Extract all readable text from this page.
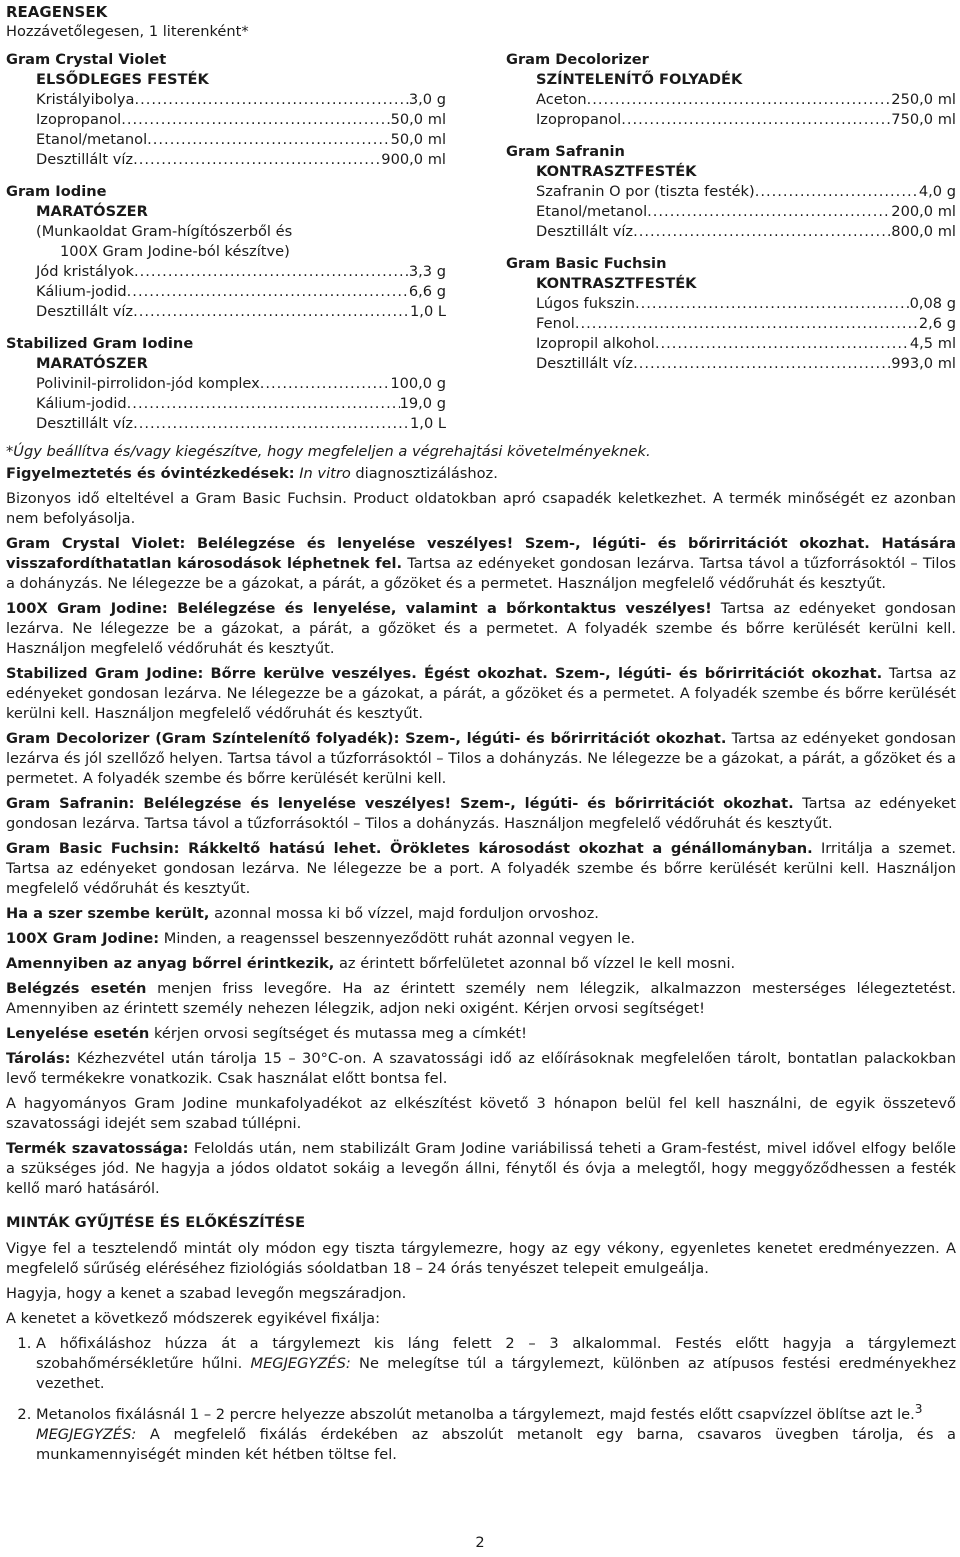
REAGENSEK
Hozzávetőlegesen, 1 literenként*
Gram Crystal Violet
ELSŐDLEGES FESTÉK
Kristályibolya .....	3,0 g
Izopropanol .....	50,0 ml
Etanol/metanol .....	50,0 ml
Desztillált víz .....	900,0 ml
Gram Iodine
MARATÓSZER
(Munkaoldat Gram-hígítószerből és
100X Gram Jodine-ból készítve)
Jód kristályok .....	3,3 g
Kálium-jodid .....	6,6 g
Desztillált víz .....	1,0 L
Stabilized Gram Iodine
MARATÓSZER
Polivinil-pirrolidon-jód komplex .....	100,0 g
Kálium-jodid .....	19,0 g
Desztillált víz .....	1,0 L
Gram Decolorizer
SZÍNTELENÍTŐ FOLYADÉK
Aceton .....	250,0 ml
Izopropanol .....	750,0 ml
Gram Safranin
KONTRASZTFESTÉK
Szafranin O por (tiszta festék) .....	4,0 g
Etanol/metanol .....	200,0 ml
Desztillált víz .....	800,0 ml
Gram Basic Fuchsin
KONTRASZTFESTÉK
Lúgos fukszin .....	0,08 g
Fenol .....	2,6 g
Izopropil alkohol .....	4,5 ml
Desztillált víz .....	993,0 ml
*Úgy beállítva és/vagy kiegészítve, hogy megfeleljen a végrehajtási követelményeknek.

Figyelmeztetés és óvintézkedések: In vitro diagnosztizáláshoz.

Bizonyos idő elteltével a Gram Basic Fuchsin. Product oldatokban apró csapadék keletkezhet. A termék minőségét ez azonban nem befolyásolja.

Gram Crystal Violet: Belélegzése és lenyelése veszélyes! Szem-, légúti- és bőrirritációt okozhat. Hatására visszafordíthatatlan károsodások léphetnek fel. Tartsa az edényeket gondosan lezárva. Tartsa távol a tűzforrásoktól – Tilos a dohányzás. Ne lélegezze be a gázokat, a párát, a gőzöket és a permetet. Használjon megfelelő védőruhát és kesztyűt.

100X Gram Jodine: Belélegzése és lenyelése, valamint a bőrkontaktus veszélyes! Tartsa az edényeket gondosan lezárva. Ne lélegezze be a gázokat, a párát, a gőzöket és a permetet. A folyadék szembe és bőrre kerülését kerülni kell. Használjon megfelelő védőruhát és kesztyűt.

Stabilized Gram Jodine: Bőrre kerülve veszélyes. Égést okozhat. Szem-, légúti- és bőrirritációt okozhat. Tartsa az edényeket gondosan lezárva. Ne lélegezze be a gázokat, a párát, a gőzöket és a permetet. A folyadék szembe és bőrre kerülését kerülni kell. Használjon megfelelő védőruhát és kesztyűt.

Gram Decolorizer (Gram Színtelenítő folyadék): Szem-, légúti- és bőrirritációt okozhat. Tartsa az edényeket gondosan lezárva és jól szellőző helyen. Tartsa távol a tűzforrásoktól – Tilos a dohányzás. Ne lélegezze be a gázokat, a párát, a gőzöket és a permetet. A folyadék szembe és bőrre kerülését kerülni kell.

Gram Safranin: Belélegzése és lenyelése veszélyes! Szem-, légúti- és bőrirritációt okozhat. Tartsa az edényeket gondosan lezárva. Tartsa távol a tűzforrásoktól – Tilos a dohányzás. Használjon megfelelő védőruhát és kesztyűt.

Gram Basic Fuchsin: Rákkeltő hatású lehet. Örökletes károsodást okozhat a génállományban. Irritálja a szemet. Tartsa az edényeket gondosan lezárva. Ne lélegezze be a port. A folyadék szembe és bőrre kerülését kerülni kell. Használjon megfelelő védőruhát és kesztyűt.

Ha a szer szembe került, azonnal mossa ki bő vízzel, majd forduljon orvoshoz.

100X Gram Jodine: Minden, a reagenssel beszennyeződött ruhát azonnal vegyen le.

Amennyiben az anyag bőrrel érintkezik, az érintett bőrfelületet azonnal bő vízzel le kell mosni.

Belégzés esetén menjen friss levegőre. Ha az érintett személy nem lélegzik, alkalmazzon mesterséges lélegeztetést. Amennyiben az érintett személy nehezen lélegzik, adjon neki oxigént. Kérjen orvosi segítséget!

Lenyelése esetén kérjen orvosi segítséget és mutassa meg a címkét!

Tárolás: Kézhezvétel után tárolja 15 – 30°C-on. A szavatossági idő az előírásoknak megfelelően tárolt, bontatlan palackokban levő termékekre vonatkozik. Csak használat előtt bontsa fel.

A hagyományos Gram Jodine munkafolyadékot az elkészítést követő 3 hónapon belül fel kell használni, de egyik összetevő szavatossági idejét sem szabad túllépni.

Termék szavatossága: Feloldás után, nem stabilizált Gram Jodine variábilissá teheti a Gram-festést, mivel idővel elfogy belőle a szükséges jód. Ne hagyja a jódos oldatot sokáig a levegőn állni, fénytől és óvja a melegtől, hogy meggyőződhessen a festék kellő maró hatásáról.

MINTÁK GYŰJTÉSE ÉS ELŐKÉSZÍTÉSE

Vigye fel a tesztelendő mintát oly módon egy tiszta tárgylemezre, hogy az egy vékony, egyenletes kenetet eredményezzen. A megfelelő sűrűség eléréséhez fiziológiás sóoldatban 18 – 24 órás tenyészet telepeit emulgeálja.

Hagyja, hogy a kenet a szabad levegőn megszáradjon.

A kenetet a következő módszerek egyikével fixálja:

1. A hőfixáláshoz húzza át a tárgylemezt kis láng felett 2 – 3 alkalommal. Festés előtt hagyja a tárgylemezt szobahőmérsékletűre hűlni. MEGJEGYZÉS: Ne melegítse túl a tárgylemezt, különben az atípusos festési eredményekhez vezethet.
2. Metanolos fixálásnál 1 – 2 percre helyezze abszolút metanolba a tárgylemezt, majd festés előtt csapvízzel öblítse azt le.$^3$
MEGJEGYZÉS: A megfelelő fixálás érdekében az abszolút metanolt egy barna, csavaros üvegben tárolja, és a munkamennyiségét minden két hétben töltse fel.
2
